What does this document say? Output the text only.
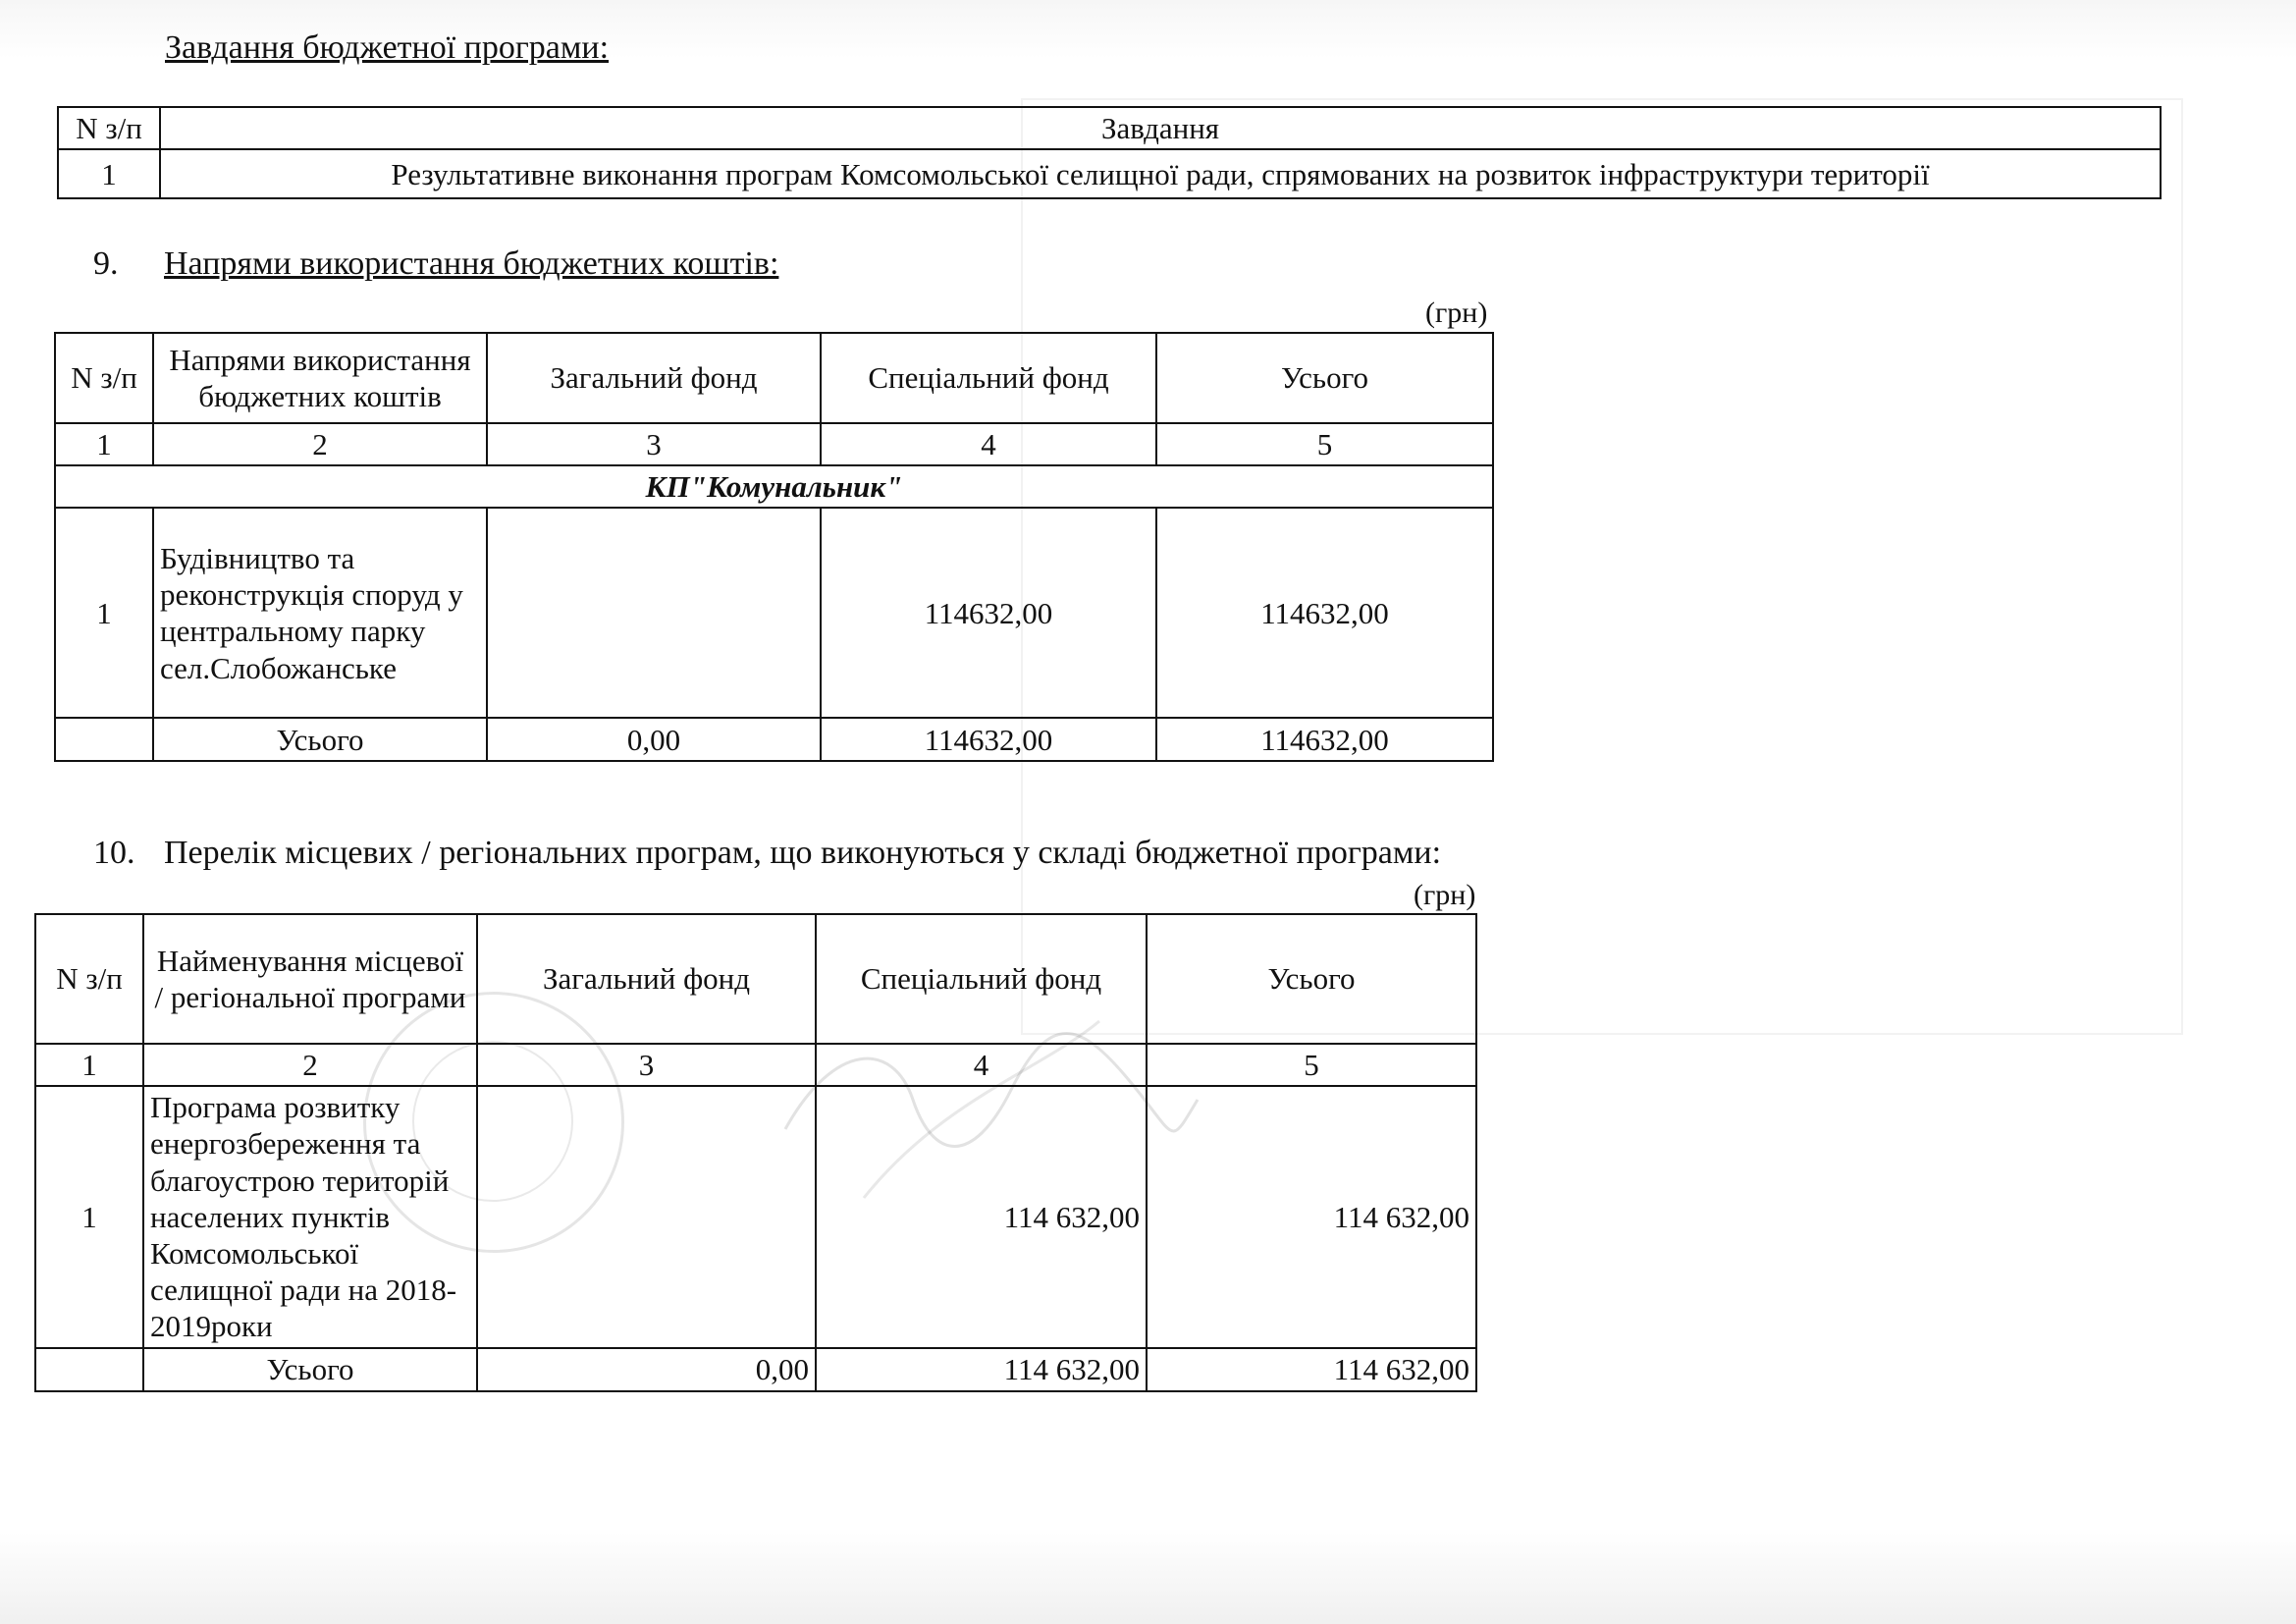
Завдання бюджетної програми:
N з/п	Завдання
1	Результативне виконання програм Комсомольської селищної ради, спрямованих на розвиток інфраструктури території
9. Напрями використання бюджетних коштів:
(грн)
N з/п	Напрями використання бюджетних коштів	Загальний фонд	Спеціальний фонд	Усього
1	2	3	4	5
КП"Комунальник"				
1	Будівництво та реконструкція споруд у центральному парку сел.Слобожанське		114632,00	114632,00
	Усього	0,00	114632,00	114632,00
10. Перелік місцевих / регіональних програм, що виконуються у складі бюджетної програми:
(грн)
N з/п	Найменування місцевої / регіональної програми	Загальний фонд	Спеціальний фонд	Усього
1	2	3	4	5
1	Програма розвитку енергозбереження та благоустрою територій населених пунктів Комсомольської селищної ради на 2018-2019роки		114 632,00	114 632,00
	Усього	0,00	114 632,00	114 632,00
